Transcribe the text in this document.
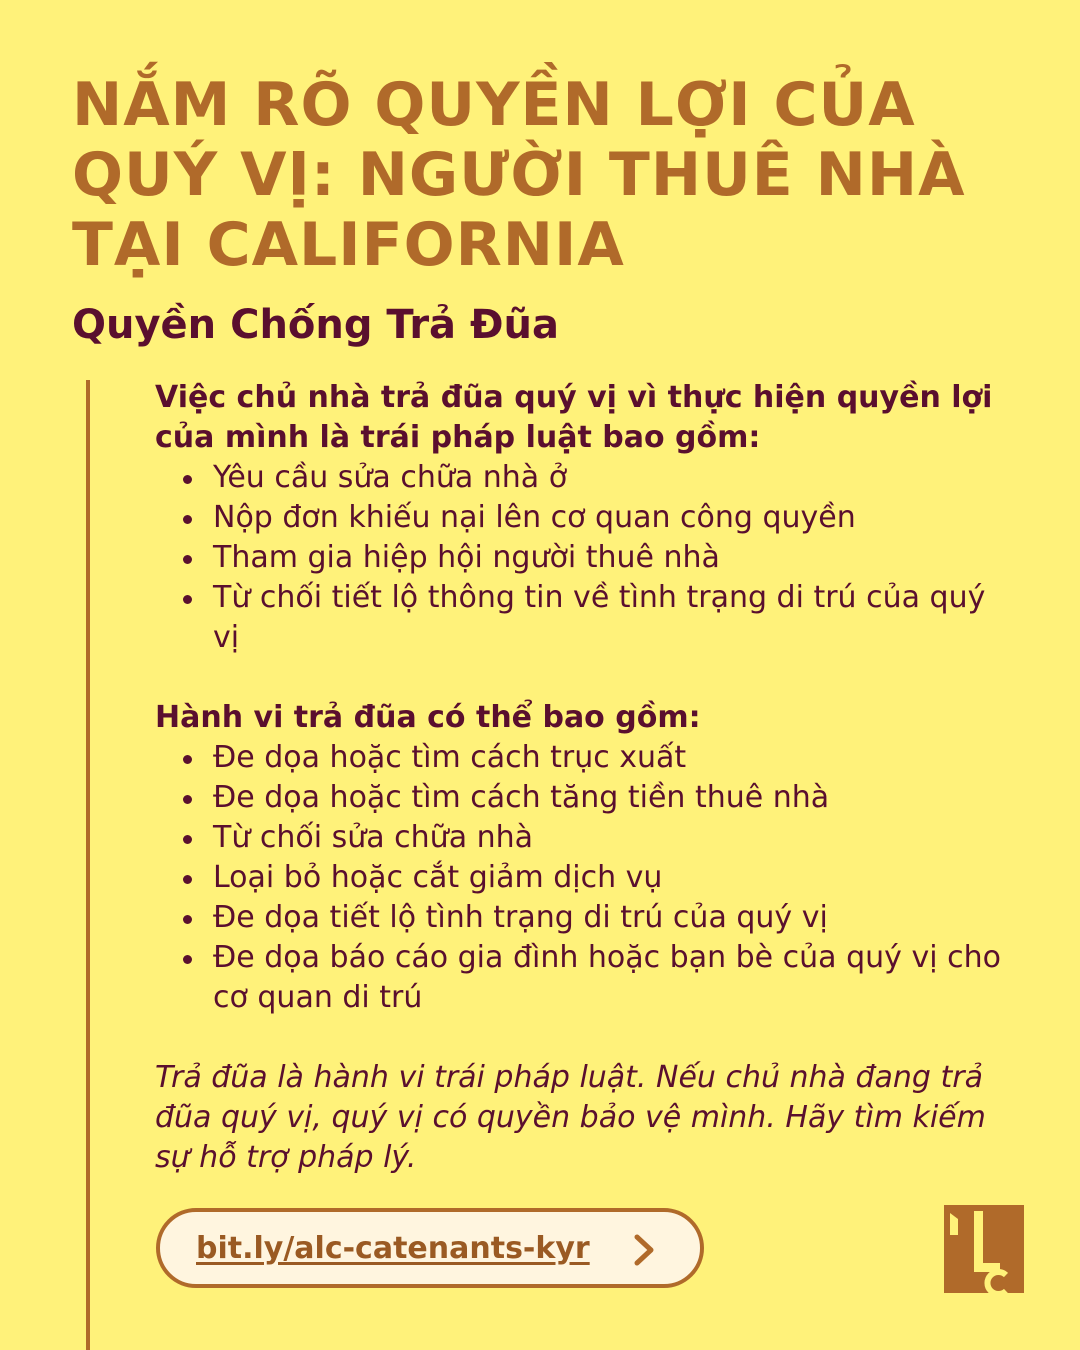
NẮM RÕ QUYỀN LỢI CỦA QUÝ VỊ: NGƯỜI THUÊ NHÀ TẠI CALIFORNIA
Quyền Chống Trả Đũa

Việc chủ nhà trả đũa quý vị vì thực hiện quyền lợi của mình là trái pháp luật bao gồm:

Yêu cầu sửa chữa nhà ở
Nộp đơn khiếu nại lên cơ quan công quyền
Tham gia hiệp hội người thuê nhà
Từ chối tiết lộ thông tin về tình trạng di trú của quý vị

Hành vi trả đũa có thể bao gồm:

Đe dọa hoặc tìm cách trục xuất
Đe dọa hoặc tìm cách tăng tiền thuê nhà
Từ chối sửa chữa nhà
Loại bỏ hoặc cắt giảm dịch vụ
Đe dọa tiết lộ tình trạng di trú của quý vị
Đe dọa báo cáo gia đình hoặc bạn bè của quý vị cho cơ quan di trú

Trả đũa là hành vi trái pháp luật. Nếu chủ nhà đang trả đũa quý vị, quý vị có quyền bảo vệ mình. Hãy tìm kiếm sự hỗ trợ pháp lý.

bit.ly/alc-catenants-kyr
